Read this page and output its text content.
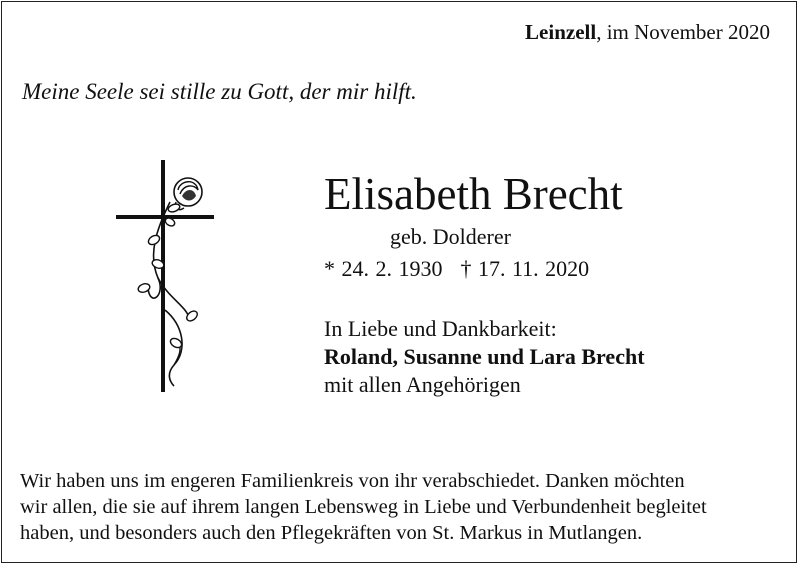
Leinzell, im November 2020
Meine Seele sei stille zu Gott, der mir hilft.
Elisabeth Brecht
geb. Dolderer
* 24. 2. 1930 † 17. 11. 2020
In Liebe und Dankbarkeit:
Roland, Susanne und Lara Brecht
mit allen Angehörigen
Wir haben uns im engeren Familienkreis von ihr verabschiedet. Danken möchten
wir allen, die sie auf ihrem langen Lebensweg in Liebe und Verbundenheit begleitet
haben, und besonders auch den Pflegekräften von St. Markus in Mutlangen.
